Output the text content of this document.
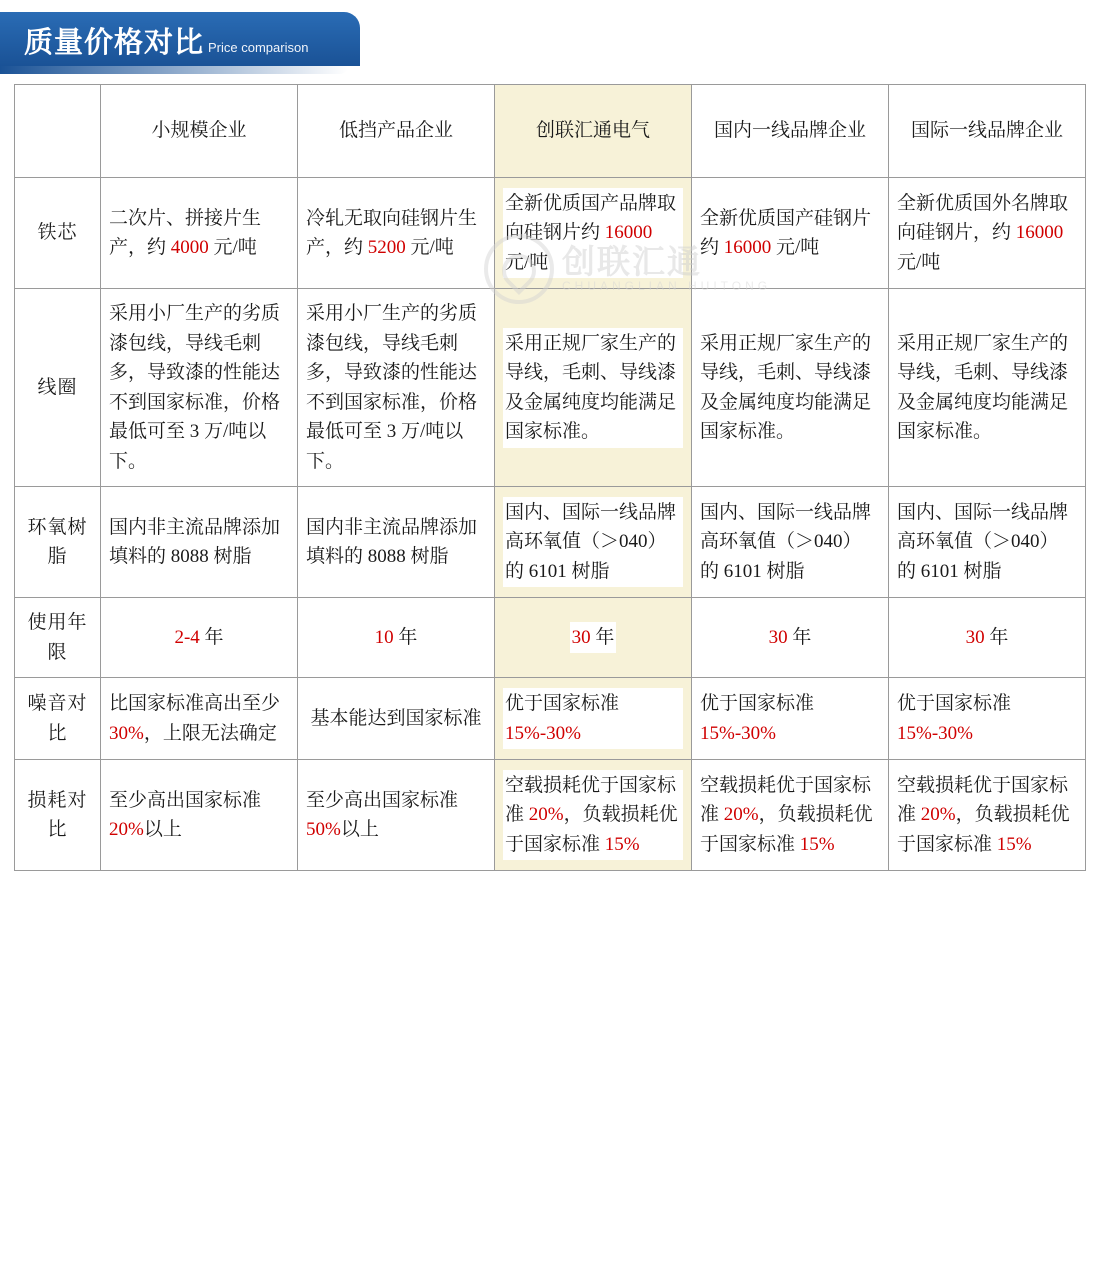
质量价格对比 Price comparison
创联汇通
CHUANGLIAN HUITONG
	小规模企业	低挡产品企业	创联汇通电气	国内一线品牌企业	国际一线品牌企业
铁芯	二次片、拼接片生产，约 4000 元/吨	冷轧无取向硅钢片生产，约 5200 元/吨	全新优质国产品牌取向硅钢片约 16000 元/吨	全新优质国产硅钢片约 16000 元/吨	全新优质国外名牌取向硅钢片，约 16000 元/吨
线圈	采用小厂生产的劣质漆包线，导线毛刺多，导致漆的性能达不到国家标准，价格最低可至 3 万/吨以下。	采用小厂生产的劣质漆包线，导线毛刺多，导致漆的性能达不到国家标准，价格最低可至 3 万/吨以下。	采用正规厂家生产的导线，毛刺、导线漆及金属纯度均能满足国家标准。	采用正规厂家生产的导线，毛刺、导线漆及金属纯度均能满足国家标准。	采用正规厂家生产的导线，毛刺、导线漆及金属纯度均能满足国家标准。
环氧树脂	国内非主流品牌添加填料的 8088 树脂	国内非主流品牌添加填料的 8088 树脂	国内、国际一线品牌高环氧值（＞040）的 6101 树脂	国内、国际一线品牌高环氧值（＞040）的 6101 树脂	国内、国际一线品牌高环氧值（＞040）的 6101 树脂
使用年限	2-4 年	10 年	30 年	30 年	30 年
噪音对比	比国家标准高出至少 30%，上限无法确定	基本能达到国家标准	优于国家标准 15%-30%	优于国家标准 15%-30%	优于国家标准 15%-30%
损耗对比	至少高出国家标准 20%以上	至少高出国家标准 50%以上	空载损耗优于国家标准 20%，负载损耗优于国家标准 15%	空载损耗优于国家标准 20%，负载损耗优于国家标准 15%	空载损耗优于国家标准 20%，负载损耗优于国家标准 15%
